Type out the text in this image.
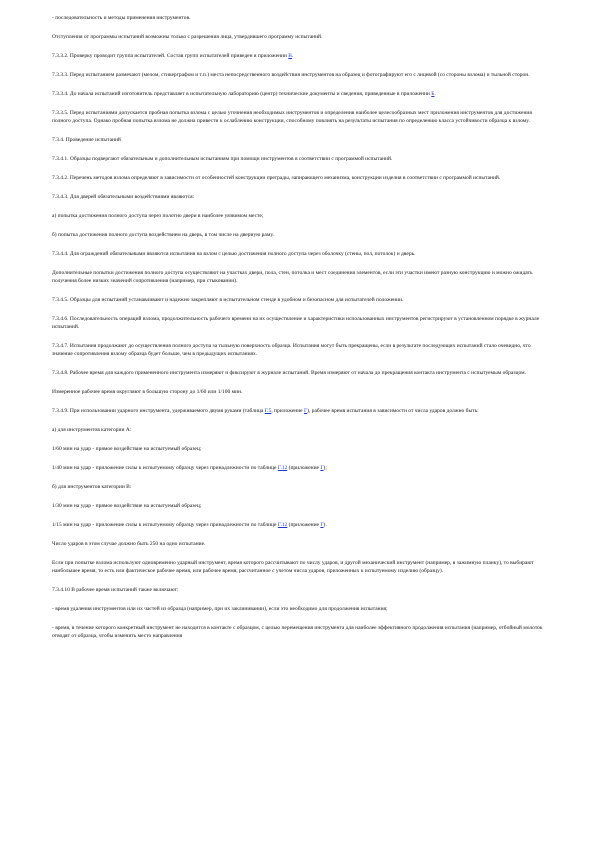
- последовательность и методы применения инструментов.

Отступления от программы испытаний возможны только с разрешения лица, утвердившего программу испытаний.

7.3.3.2. Проверку проводит группа испытателей. Состав групп испытателей приведен в приложении В.

7.3.3.3. Перед испытанием размечают (мелом, стикерграфом и т.п.) места непосредственного воздействия инструментов на образец и фотографируют его с лицевой (со стороны взлома) и тыльной сторон.

7.3.3.4. До начала испытаний изготовитель представляет в испытательную лабораторию (центр) технические документы и сведения, приведенные в приложении Б.

7.3.3.5. Перед испытаниями допускается пробная попытка взлома с целью уточнения необходимых инструментов и определения наиболее целесообразных мест приложения инструментов для достижения полного доступа. Однако пробная попытка взлома не должна привести к ослаблению конструкции, способному повлиять на результаты испытания по определению класса устойчивости образца к взлому.

7.3.4. Проведение испытаний

7.3.4.1. Образцы подвергают обязательным и дополнительным испытаниям при помощи инструментов в соответствии с программой испытаний.

7.3.4.2. Перечень методов взлома определяют в зависимости от особенностей конструкции преграды, запирающего механизма, конструкции изделия в соответствии с программой испытаний.

7.3.4.3. Для дверей обязательными воздействиями являются:

а) попытка достижения полного доступа через полотно двери в наиболее уязвимом месте;

б) попытка достижения полного доступа воздействием на дверь, в том числе на дверную раму.

7.3.4.4. Для ограждений обязательными являются испытания на взлом с целью достижения полного доступа через оболочку (стены, пол, потолок) и дверь.

Дополнительные попытки достижения полного доступа осуществляют на участках двери, пола, стен, потолка и мест соединения элементов, если эти участки имеют разную конструкцию и можно ожидать получения более низких значений сопротивления (например, при стыковании).

7.3.4.5. Образцы для испытаний устанавливают и надежно закрепляют в испытательном стенде в удобном и безопасном для испытателей положении.

7.3.4.6. Последовательность операций взлома, продолжительность рабочего времени на их осуществление и характеристики использованных инструментов регистрируют в установленном порядке в журнале испытаний.

7.3.4.7. Испытания продолжают до осуществления полного доступа за тыльную поверхность образца. Испытания могут быть прекращены, если в результате последующих испытаний стало очевидно, что значение сопротивления взлому образца будет больше, чем в предыдущих испытаниях.

7.3.4.8. Рабочее время для каждого примененного инструмента измеряют и фиксируют в журнале испытаний. Время измеряют от начала до прекращения контакта инструмента с испытуемым образцом.

Измеренное рабочее время округляют в большую сторону до 1/60 или 1/100 мин.

7.3.4.9. При использовании ударного инструмента, удерживаемого двумя руками (таблица Г.5, приложение Г), рабочее время испытания в зависимости от числа ударов должно быть:

а) для инструментов категории А:

1/60 мин на удар - прямое воздействие на испытуемый образец;

1/40 мин на удар - приложение силы к испытуемому образцу через принадлежности по таблице Г.12 (приложение Г);

б) для инструментов категории В:

1/30 мин на удар - прямое воздействие на испытуемый образец;

1/15 мин на удар - приложение силы к испытуемому образцу через принадлежности по таблице Г.12 (приложение Г).

Число ударов в этом случае должно быть 250 на одно испытание.

Если при попытке взлома используют одновременно ударный инструмент, время которого рассчитывают по числу ударов, и другой механический инструмент (например, в зажимную планку), то выбирают наибольшее время, то есть или фактическое рабочее время, или рабочее время, рассчитанное с учетом числа ударов, приложенных к испытуемому изделию (образцу).

7.3.4.10 В рабочее время испытаний также включают:

- время удаления инструментов или их частей из образца (например, при их заклинивании), если это необходимо для продолжения испытания;

- время, в течение которого конкретный инструмент не находится в контакте с образцом, с целью перемещения инструмента для наиболее эффективного продолжения испытания (например, отбойный молоток отводят от образца, чтобы изменить место направления
